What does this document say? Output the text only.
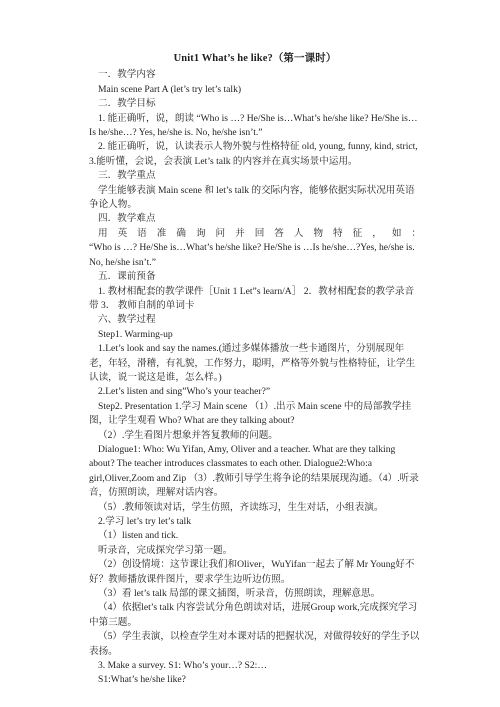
Unit1 What’s he like?（第一课时）

一．教学内容

Main scene Part A (let’s try let’s talk)

二．教学目标

1. 能正确听，说，朗读 “Who is …? He/She is…What’s he/she like? He/She is…Is he/she…? Yes, he/she is. No, he/she isn’t.”

2. 能正确听，说，认读表示人物外貌与性格特征 old, young, funny, kind, strict, 3.能听懂，会说，会表演 Let’s talk 的内容并在真实场景中运用。

三．教学重点

学生能够表演 Main scene 和 let’s talk 的交际内容，能够依据实际状况用英语争论人物。

四．教学难点

用 英 语 准 确 询 问 并 回 答 人 物 特 征 ， 如 ：

“Who is …? He/She is…What’s he/she like? He/She is …Is he/she…?Yes, he/she is. No, he/she isn’t.”

五．课前预备

1. 教材相配套的教学课件［Unit 1 Let”s learn/A］ 2．教材相配套的教学录音带 3． 教师自制的单词卡

六、教学过程

Step1. Warming-up

1.Let’s look and say the names.(通过多媒体播放一些卡通图片，分别展现年老，年轻，滑稽，有礼貌，工作努力，聪明，严格等外貌与性格特征，让学生认读，说一说这是谁，怎么样。)

2.Let’s listen and sing”Who’s your teacher?”

Step2. Presentation 1.学习 Main scene （1）.出示 Main scene 中的局部教学挂图，让学生观看 Who? What are they talking about?

（2）.学生看图片想象并答复教师的问题。

Dialogue1: Who: Wu Yifan, Amy, Oliver and a teacher. What are they talking about? The teacher introduces classmates to each other. Dialogue2:Who:a girl,Oliver,Zoom and Zip （3）.教师引导学生将争论的结果展现沟通。（4）.听录音，仿照朗读，理解对话内容。

（5）.教师领读对话，学生仿照，齐读练习，生生对话，小组表演。

2.学习 let’s try let’s talk

（1）listen and tick.

听录音，完成探究学习第一题。

（2）创设情境：这节课让我们和Oliver，WuYifan一起去了解 Mr Young好不好？教师播放课件图片，要求学生边听边仿照。

（3）看 let’s talk 局部的课文插图，听录音，仿照朗读，理解意思。

（4）依据let’s talk 内容尝试分角色朗读对话，进展Group work,完成探究学习中第三题。

（5）学生表演，以检查学生对本课对话的把握状况，对做得较好的学生予以表扬。

3. Make a survey. S1: Who’s your…? S2:…

S1:What’s he/she like?
